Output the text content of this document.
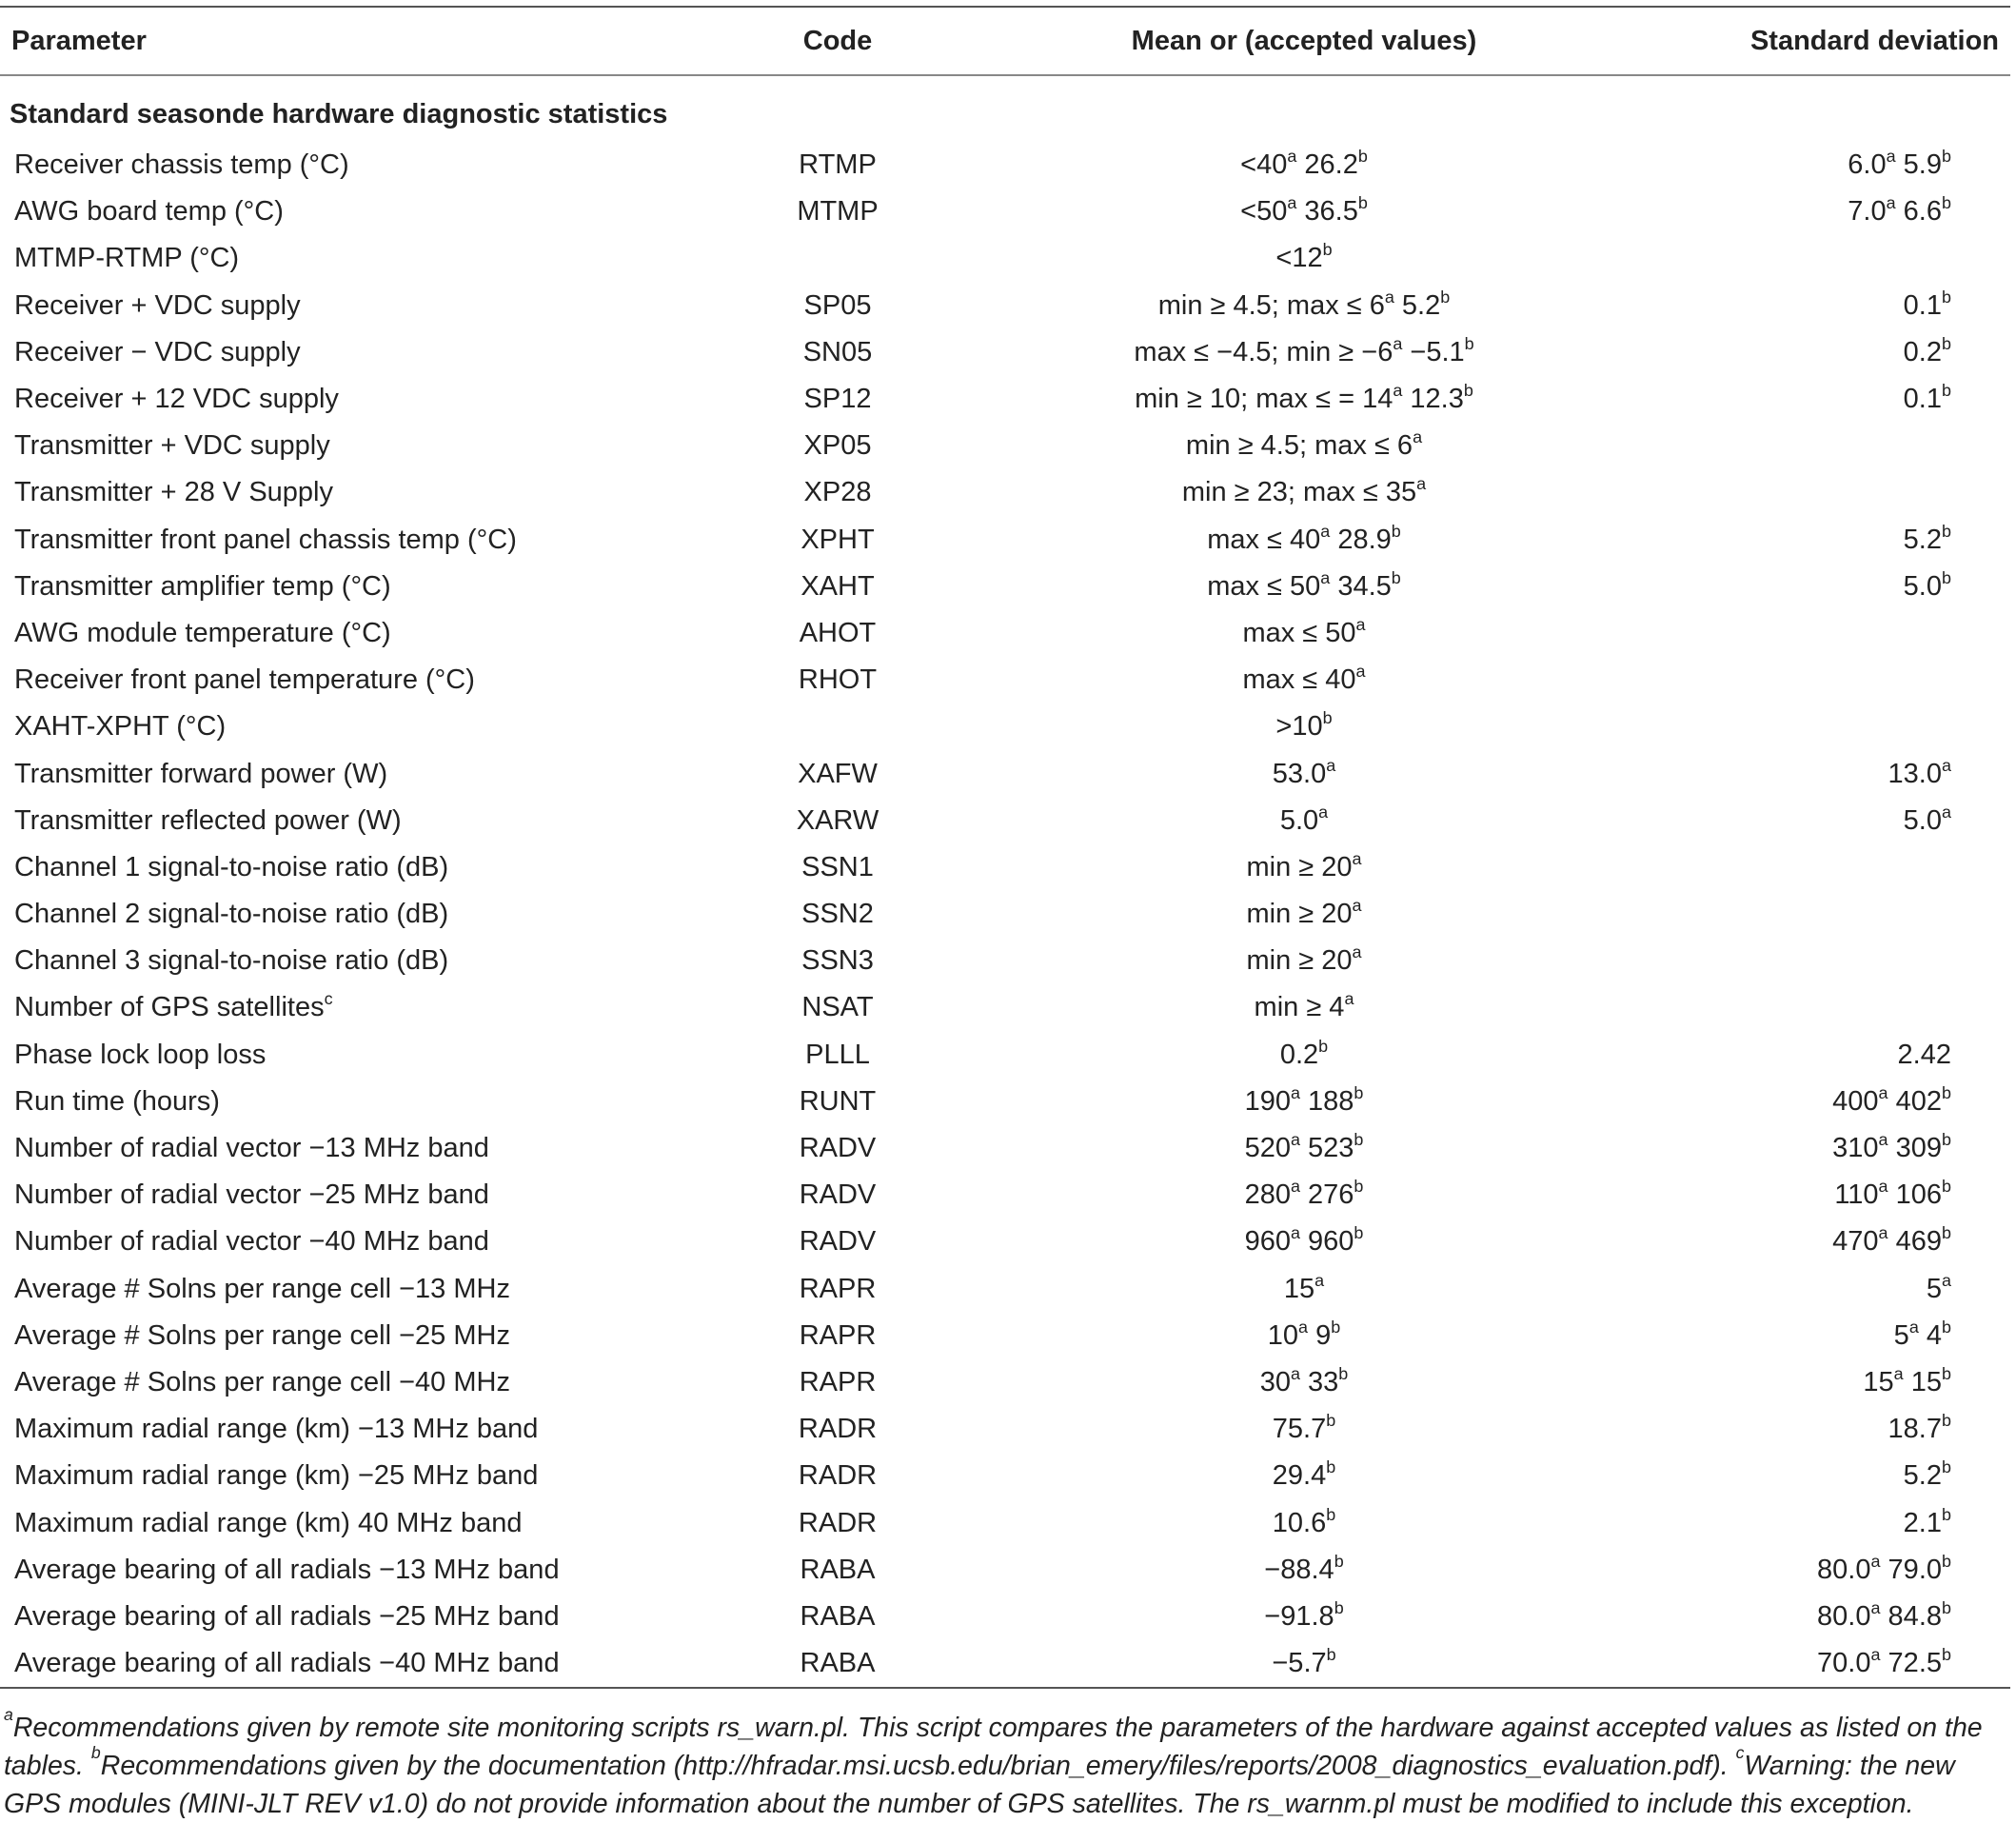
Parameter	Code	Mean or (accepted values)	Standard deviation
Standard seasonde hardware diagnostic statistics			
Receiver chassis temp (°C)	RTMP	$<40^a$ 26.2$^b$	6.0$^a$ 5.9$^b$
AWG board temp (°C)	MTMP	$<50^a$ 36.5$^b$	7.0$^a$ 6.6$^b$
MTMP-RTMP (°C)		$<12^b$	
Receiver + VDC supply	SP05	min ≥ 4.5; $\max \le 6^a$ 5.2$^b$	0.1$^b$
Receiver − VDC supply	SN05	max ≤ −4.5; $\min \ge -6^a -5.1^b$	0.2$^b$
Receiver + 12 VDC supply	SP12	min ≥ 10; max ≤ = $14^a$ 12.3$^b$	0.1$^b$
Transmitter + VDC supply	XP05	min ≥ 4.5; $\max \le 6^a$	
Transmitter + 28 V Supply	XP28	min ≥ 23; $\max \le 35^a$	
Transmitter front panel chassis temp (°C)	XPHT	$\max \le 40^a$ 28.9$^b$	5.2$^b$
Transmitter amplifier temp (°C)	XAHT	$\max \le 50^a$ 34.5$^b$	5.0$^b$
AWG module temperature (°C)	AHOT	$\max \le 50^a$	
Receiver front panel temperature (°C)	RHOT	$\max \le 40^a$	
XAHT-XPHT (°C)		$>10^b$	
Transmitter forward power (W)	XAFW	53.0$^a$	13.0$^a$
Transmitter reflected power (W)	XARW	5.0$^a$	5.0$^a$
Channel 1 signal-to-noise ratio (dB)	SSN1	$\min \ge 20^a$	
Channel 2 signal-to-noise ratio (dB)	SSN2	$\min \ge 20^a$	
Channel 3 signal-to-noise ratio (dB)	SSN3	$\min \ge 20^a$	
Number of GPS satellites$^c$	NSAT	$\min \ge 4^a$	
Phase lock loop loss	PLLL	0.2$^b$	2.42
Run time (hours)	RUNT	190$^a$ 188$^b$	400$^a$ 402$^b$
Number of radial vector −13 MHz band	RADV	520$^a$ 523$^b$	310$^a$ 309$^b$
Number of radial vector −25 MHz band	RADV	280$^a$ 276$^b$	110$^a$ 106$^b$
Number of radial vector −40 MHz band	RADV	960$^a$ 960$^b$	470$^a$ 469$^b$
Average # Solns per range cell −13 MHz	RAPR	15$^a$	5$^a$
Average # Solns per range cell −25 MHz	RAPR	10$^a$ 9$^b$	5$^a$ 4$^b$
Average # Solns per range cell −40 MHz	RAPR	30$^a$ 33$^b$	15$^a$ 15$^b$
Maximum radial range (km) −13 MHz band	RADR	75.7$^b$	18.7$^b$
Maximum radial range (km) −25 MHz band	RADR	29.4$^b$	5.2$^b$
Maximum radial range (km) 40 MHz band	RADR	10.6$^b$	2.1$^b$
Average bearing of all radials −13 MHz band	RABA	−88.4$^b$	80.0$^a$ 79.0$^b$
Average bearing of all radials −25 MHz band	RABA	−91.8$^b$	80.0$^a$ 84.8$^b$
Average bearing of all radials −40 MHz band	RABA	−5.7$^b$	70.0$^a$ 72.5$^b$
$^a$Recommendations given by remote site monitoring scripts rs_warn.pl. This script compares the parameters of the hardware against accepted values as listed on the tables. $^b$Recommendations given by the documentation (http://hfradar.msi.ucsb.edu/brian_emery/files/reports/2008_diagnostics_evaluation.pdf). $^c$Warning: the new GPS modules (MINI-JLT REV v1.0) do not provide information about the number of GPS satellites. The rs_warnm.pl must be modified to include this exception.
